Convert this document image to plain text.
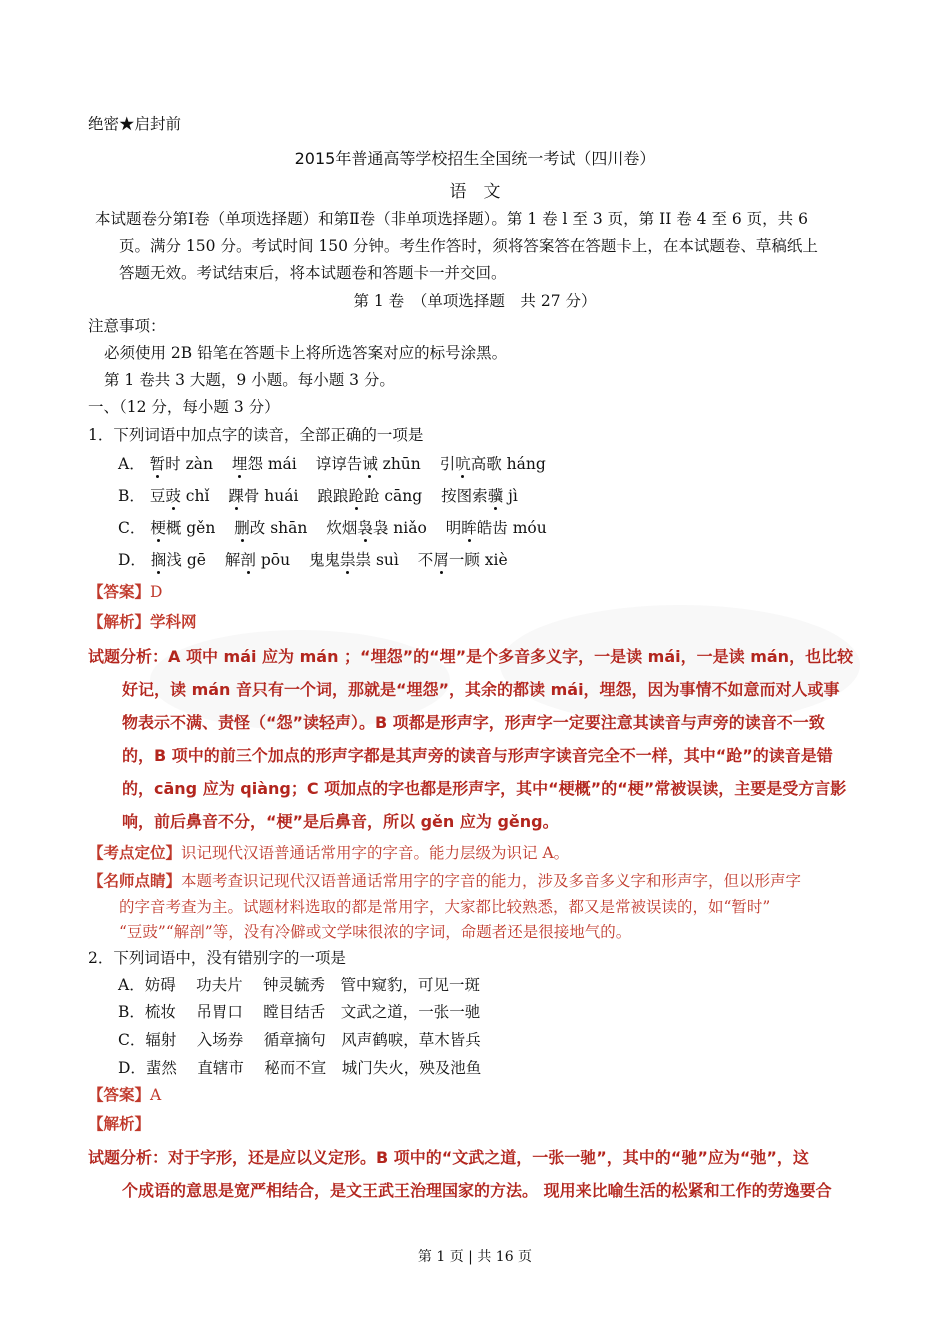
绝密★启封前
2015年普通高等学校招生全国统一考试（四川卷）
语　文
本试题卷分第Ⅰ卷（单项选择题）和第Ⅱ卷（非单项选择题）。第 1 卷 l 至 3 页，第 II 卷 4 至 6 页，共 6
页。满分 150 分。考试时间 150 分钟。考生作答时，须将答案答在答题卡上，在本试题卷、草稿纸上
答题无效。考试结束后，将本试题卷和答题卡一并交回。
第 1 卷　（单项选择题　共 27 分）
注意事项：
必须使用 2B 铅笔在答题卡上将所选答案对应的标号涂黑。
第 1 卷共 3 大题，9 小题。每小题 3 分。
一、（12 分，每小题 3 分）
1．下列词语中加点字的读音，全部正确的一项是
A． 暂时 zàn 埋怨 mái 谆谆告诫 zhūn 引吭高歌 háng
B． 豆豉 chǐ 踝骨 huái 踉踉跄跄 cāng 按图索骥 jì
C． 梗概 gěn 删改 shān 炊烟袅袅 niǎo 明眸皓齿 móu
D． 搁浅 gē 解剖 pōu 鬼鬼祟祟 suì 不屑一顾 xiè
【答案】D
【解析】学科网
试题分析：A 项中 mái 应为 mán ；“埋怨”的“埋”是个多音多义字，一是读 mái，一是读 mán，也比较
好记，读 mán 音只有一个词，那就是“埋怨”，其余的都读 mái，埋怨，因为事情不如意而对人或事
物表示不满、责怪（“怨”读轻声）。B 项都是形声字，形声字一定要注意其读音与声旁的读音不一致
的，B 项中的前三个加点的形声字都是其声旁的读音与形声字读音完全不一样，其中“跄”的读音是错
的，cāng 应为 qiàng；C 项加点的字也都是形声字，其中“梗概”的“梗”常被误读，主要是受方言影
响，前后鼻音不分，“梗”是后鼻音，所以 gěn 应为 gěng。
【考点定位】识记现代汉语普通话常用字的字音。能力层级为识记 A。
【名师点睛】本题考查识记现代汉语普通话常用字的字音的能力，涉及多音多义字和形声字，但以形声字
的字音考查为主。试题材料选取的都是常用字，大家都比较熟悉，都又是常被误读的，如“暂时”
“豆豉”“解剖”等，没有冷僻或文学味很浓的字词，命题者还是很接地气的。
2．下列词语中，没有错别字的一项是
A．妨碍　 功夫片　 钟灵毓秀　管中窥豹，可见一斑
B．梳妆　 吊胃口　 瞠目结舌　文武之道，一张一驰
C．辐射　 入场券　 循章摘句　风声鹤唳，草木皆兵
D．蜚然　 直辖市　 秘而不宣　城门失火，殃及池鱼
【答案】A
【解析】
试题分析：对于字形，还是应以义定形。B 项中的“文武之道，一张一驰”，其中的“驰”应为“弛”，这
个成语的意思是宽严相结合，是文王武王治理国家的方法。 现用来比喻生活的松紧和工作的劳逸要合
第 1 页 | 共 16 页
